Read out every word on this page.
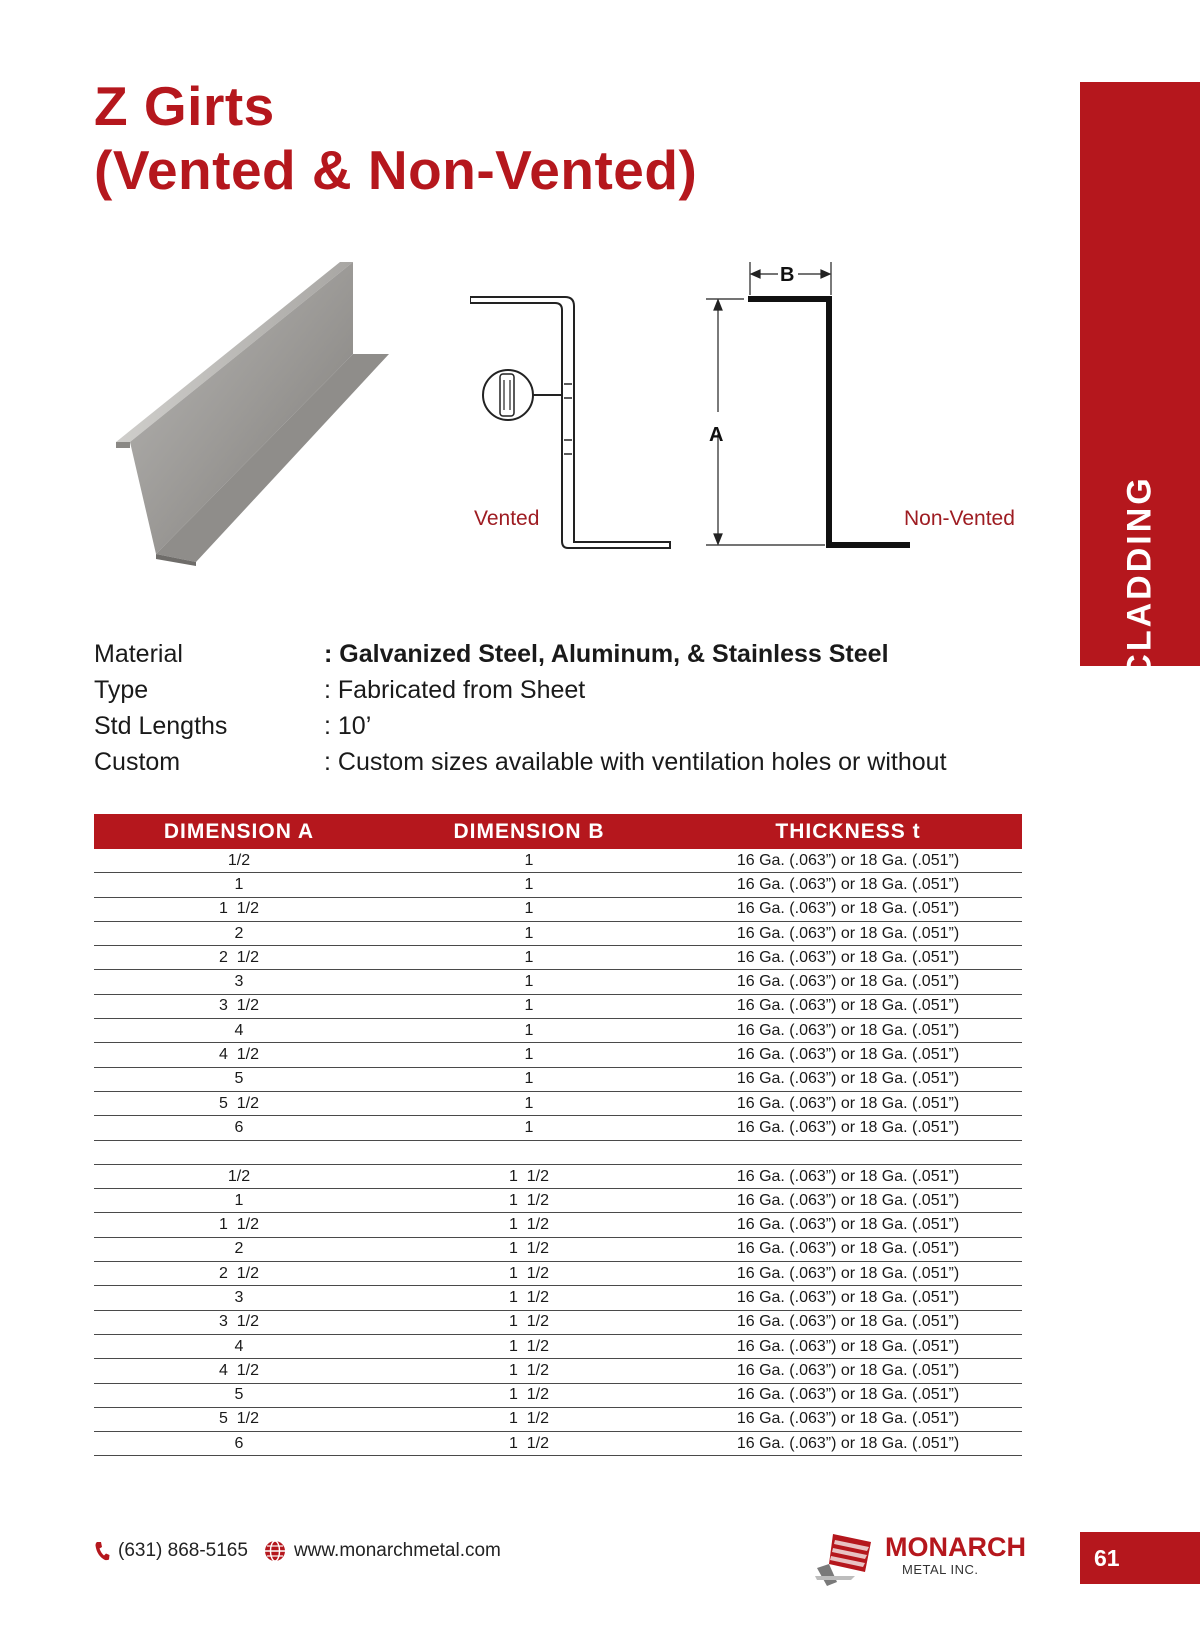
Z Girts
(Vented & Non-Vented)
CLADDING
B
A
Vented	Non-Vented
Material	: Galvanized Steel, Aluminum, & Stainless Steel
Type	: Fabricated from Sheet
Std Lengths	: 10’
Custom	: Custom sizes available with ventilation holes or without
DIMENSION A	DIMENSION B	THICKNESS t
1/2	1	16 Ga. (.063”) or 18 Ga. (.051”)
1	1	16 Ga. (.063”) or 18 Ga. (.051”)
1  1/2	1	16 Ga. (.063”) or 18 Ga. (.051”)
2	1	16 Ga. (.063”) or 18 Ga. (.051”)
2  1/2	1	16 Ga. (.063”) or 18 Ga. (.051”)
3	1	16 Ga. (.063”) or 18 Ga. (.051”)
3  1/2	1	16 Ga. (.063”) or 18 Ga. (.051”)
4	1	16 Ga. (.063”) or 18 Ga. (.051”)
4  1/2	1	16 Ga. (.063”) or 18 Ga. (.051”)
5	1	16 Ga. (.063”) or 18 Ga. (.051”)
5  1/2	1	16 Ga. (.063”) or 18 Ga. (.051”)
6	1	16 Ga. (.063”) or 18 Ga. (.051”)
1/2	1  1/2	16 Ga. (.063”) or 18 Ga. (.051”)
1	1  1/2	16 Ga. (.063”) or 18 Ga. (.051”)
1  1/2	1  1/2	16 Ga. (.063”) or 18 Ga. (.051”)
2	1  1/2	16 Ga. (.063”) or 18 Ga. (.051”)
2  1/2	1  1/2	16 Ga. (.063”) or 18 Ga. (.051”)
3	1  1/2	16 Ga. (.063”) or 18 Ga. (.051”)
3  1/2	1  1/2	16 Ga. (.063”) or 18 Ga. (.051”)
4	1  1/2	16 Ga. (.063”) or 18 Ga. (.051”)
4  1/2	1  1/2	16 Ga. (.063”) or 18 Ga. (.051”)
5	1  1/2	16 Ga. (.063”) or 18 Ga. (.051”)
5  1/2	1  1/2	16 Ga. (.063”) or 18 Ga. (.051”)
6	1  1/2	16 Ga. (.063”) or 18 Ga. (.051”)
(631) 868-5165 www.monarchmetal.com	MONARCH
METAL INC.	61
